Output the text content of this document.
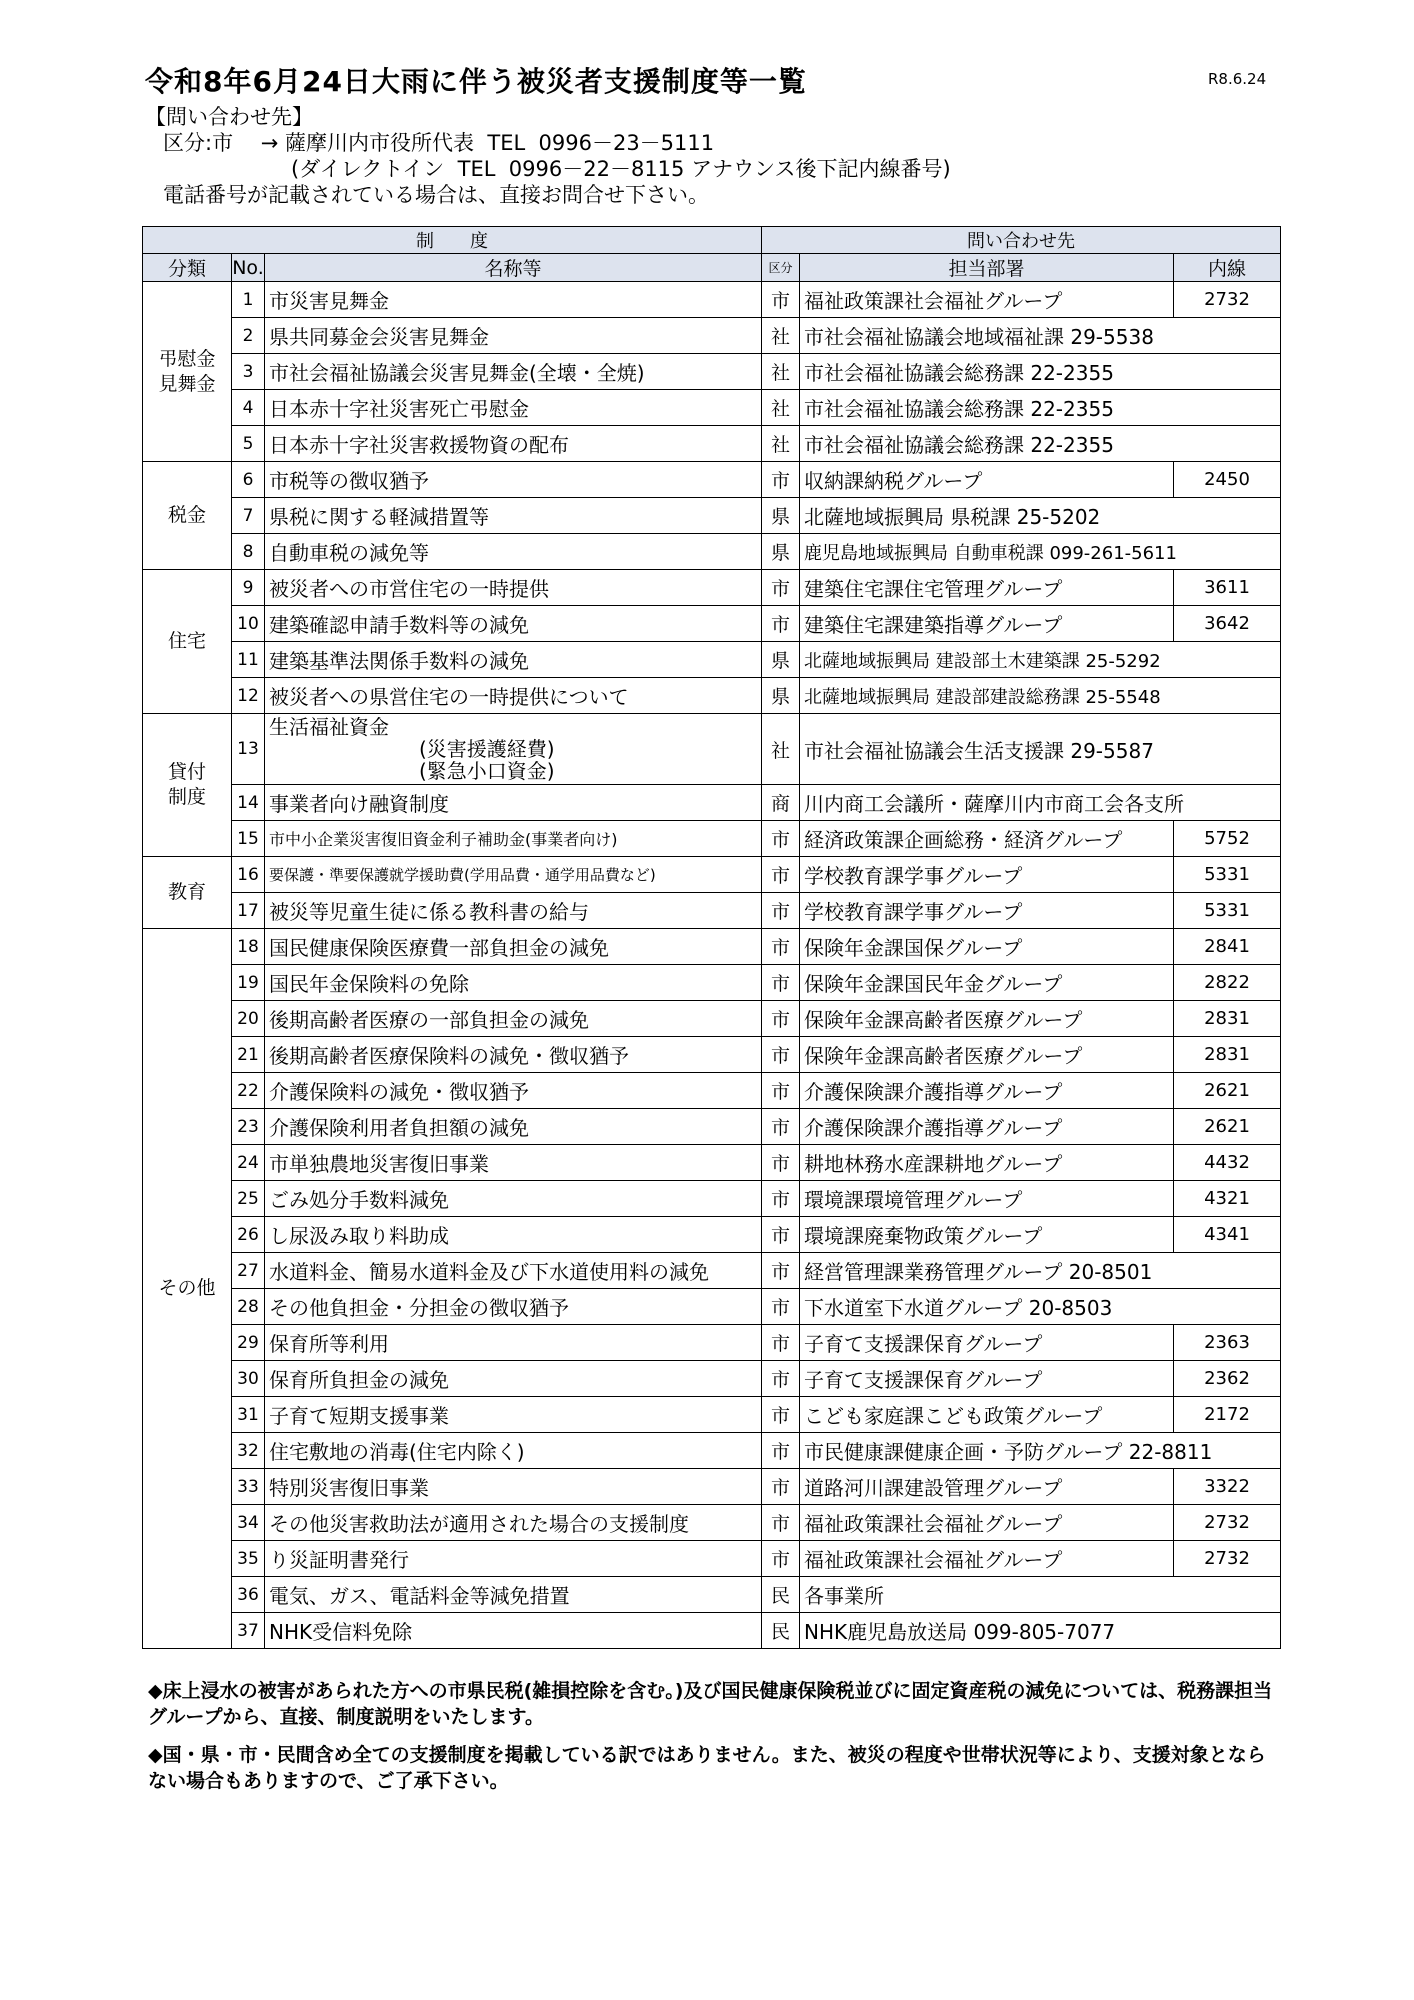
令和8年6月24日大雨に伴う被災者支援制度等一覧	R8.6.24
【問い合わせ先】
区分:市　 → 薩摩川内市役所代表  TEL  0996－23－5111
(ダイレクトイン  TEL  0996－22－8115 アナウンス後下記内線番号)
電話番号が記載されている場合は、直接お問合せ下さい。
制　　度			問い合わせ先		
分類	No.	名称等	区分	担当部署	内線
弔慰金
見舞金	1	市災害見舞金	市	福祉政策課社会福祉グループ	2732
	2	県共同募金会災害見舞金	社	市社会福祉協議会地域福祉課 29-5538	
	3	市社会福祉協議会災害見舞金(全壊・全焼)	社	市社会福祉協議会総務課 22-2355	
	4	日本赤十字社災害死亡弔慰金	社	市社会福祉協議会総務課 22-2355	
	5	日本赤十字社災害救援物資の配布	社	市社会福祉協議会総務課 22-2355	
税金	6	市税等の徴収猶予	市	収納課納税グループ	2450
	7	県税に関する軽減措置等	県	北薩地域振興局 県税課 25-5202	
	8	自動車税の減免等	県	鹿児島地域振興局 自動車税課 099-261-5611	
住宅	9	被災者への市営住宅の一時提供	市	建築住宅課住宅管理グループ	3611
	10	建築確認申請手数料等の減免	市	建築住宅課建築指導グループ	3642
	11	建築基準法関係手数料の減免	県	北薩地域振興局 建設部土木建築課 25-5292	
	12	被災者への県営住宅の一時提供について	県	北薩地域振興局 建設部建設総務課 25-5548	
貸付
制度	13	生活福祉資金
(災害援護経費)
(緊急小口資金)	社	市社会福祉協議会生活支援課 29-5587	
	14	事業者向け融資制度	商	川内商工会議所・薩摩川内市商工会各支所	
	15	市中小企業災害復旧資金利子補助金(事業者向け)	市	経済政策課企画総務・経済グループ	5752
教育	16	要保護・準要保護就学援助費(学用品費・通学用品費など)	市	学校教育課学事グループ	5331
	17	被災等児童生徒に係る教科書の給与	市	学校教育課学事グループ	5331
その他	18	国民健康保険医療費一部負担金の減免	市	保険年金課国保グループ	2841
	19	国民年金保険料の免除	市	保険年金課国民年金グループ	2822
	20	後期高齢者医療の一部負担金の減免	市	保険年金課高齢者医療グループ	2831
	21	後期高齢者医療保険料の減免・徴収猶予	市	保険年金課高齢者医療グループ	2831
	22	介護保険料の減免・徴収猶予	市	介護保険課介護指導グループ	2621
	23	介護保険利用者負担額の減免	市	介護保険課介護指導グループ	2621
	24	市単独農地災害復旧事業	市	耕地林務水産課耕地グループ	4432
	25	ごみ処分手数料減免	市	環境課環境管理グループ	4321
	26	し尿汲み取り料助成	市	環境課廃棄物政策グループ	4341
	27	水道料金、簡易水道料金及び下水道使用料の減免	市	経営管理課業務管理グループ 20-8501	
	28	その他負担金・分担金の徴収猶予	市	下水道室下水道グループ 20-8503	
	29	保育所等利用	市	子育て支援課保育グループ	2363
	30	保育所負担金の減免	市	子育て支援課保育グループ	2362
	31	子育て短期支援事業	市	こども家庭課こども政策グループ	2172
	32	住宅敷地の消毒(住宅内除く)	市	市民健康課健康企画・予防グループ 22-8811	
	33	特別災害復旧事業	市	道路河川課建設管理グループ	3322
	34	その他災害救助法が適用された場合の支援制度	市	福祉政策課社会福祉グループ	2732
	35	り災証明書発行	市	福祉政策課社会福祉グループ	2732
	36	電気、ガス、電話料金等減免措置	民	各事業所	
	37	NHK受信料免除	民	NHK鹿児島放送局 099-805-7077	

◆床上浸水の被害があられた方への市県民税(雑損控除を含む。)及び国民健康保険税並びに固定資産税の減免については、税務課担当グループから、直接、制度説明をいたします。

◆国・県・市・民間含め全ての支援制度を掲載している訳ではありません。また、被災の程度や世帯状況等により、支援対象とならない場合もありますので、ご了承下さい。
